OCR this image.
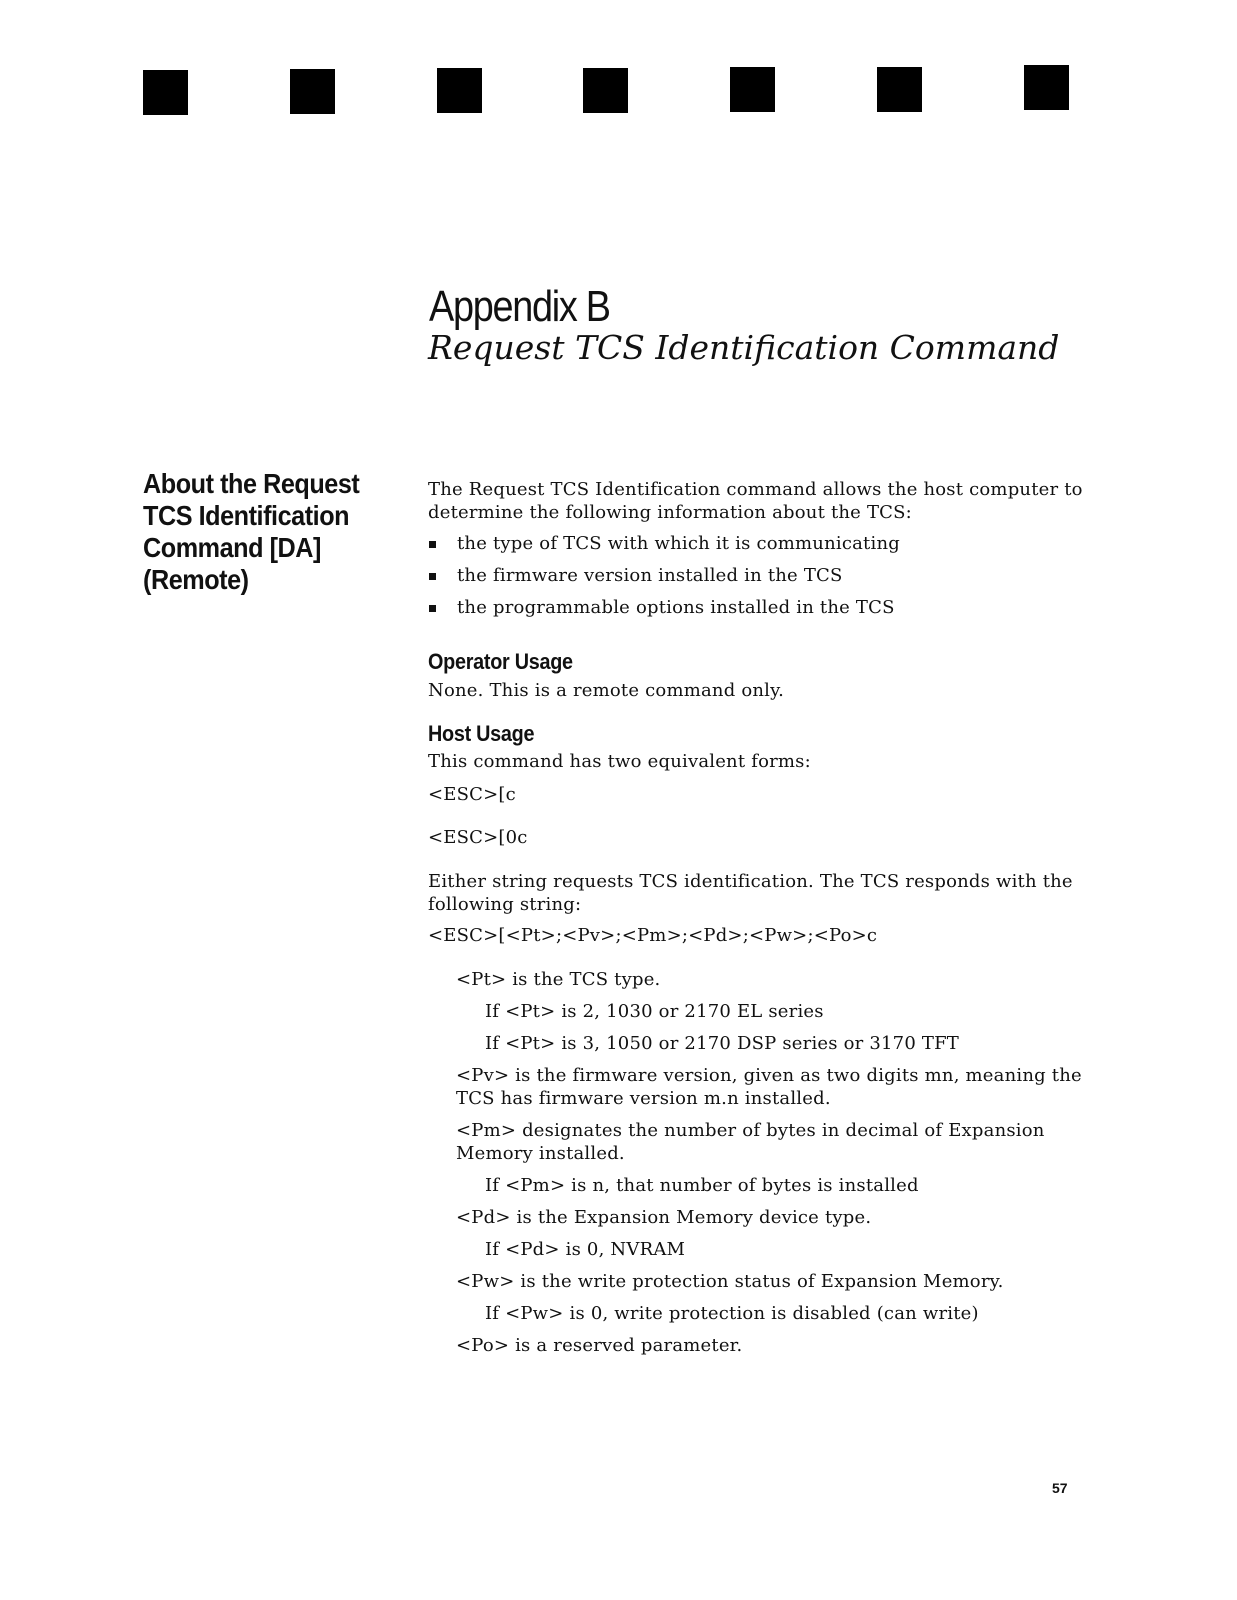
Appendix B
Request TCS Identification Command
About the Request TCS Identification Command [DA] (Remote)

The Request TCS Identification command allows the host computer to determine the following information about the TCS:

the type of TCS with which it is communicating
the firmware version installed in the TCS
the programmable options installed in the TCS
Operator Usage

None. This is a remote command only.

Host Usage

This command has two equivalent forms:

<ESC>[c

<ESC>[0c

Either string requests TCS identification. The TCS responds with the following string:

<ESC>[<Pt>;<Pv>;<Pm>;<Pd>;<Pw>;<Po>c

<Pt> is the TCS type.

If <Pt> is 2, 1030 or 2170 EL series

If <Pt> is 3, 1050 or 2170 DSP series or 3170 TFT

<Pv> is the firmware version, given as two digits mn, meaning the TCS has firmware version m.n installed.

<Pm> designates the number of bytes in decimal of Expansion Memory installed.

If <Pm> is n, that number of bytes is installed

<Pd> is the Expansion Memory device type.

If <Pd> is 0, NVRAM

<Pw> is the write protection status of Expansion Memory.

If <Pw> is 0, write protection is disabled (can write)

<Po> is a reserved parameter.

57
